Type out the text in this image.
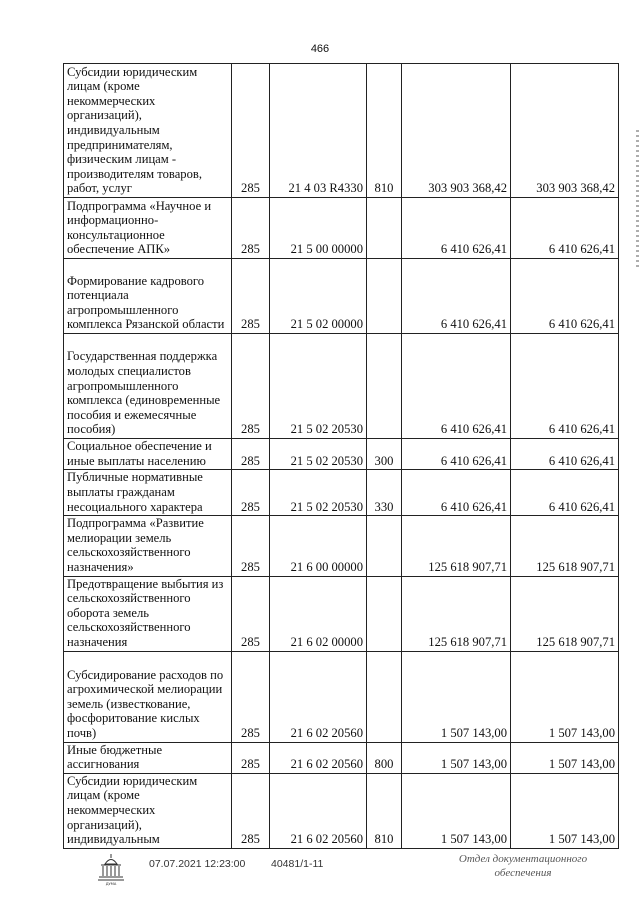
466
Субсидии юридическим лицам (кроме некоммерческих организаций), индивидуальным предпринимателям, физическим лицам - производителям товаров, работ, услуг	285	21 4 03 R4330	810	303 903 368,42	303 903 368,42
Подпрограмма «Научное и информационно-консультационное обеспечение АПК»	285	21 5 00 00000		6 410 626,41	6 410 626,41
Формирование кадрового потенциала агропромышленного комплекса Рязанской области	285	21 5 02 00000		6 410 626,41	6 410 626,41
Государственная поддержка молодых специалистов агропромышленного комплекса (единовременные пособия и ежемесячные пособия)	285	21 5 02 20530		6 410 626,41	6 410 626,41
Социальное обеспечение и иные выплаты населению	285	21 5 02 20530	300	6 410 626,41	6 410 626,41
Публичные нормативные выплаты гражданам несоциального характера	285	21 5 02 20530	330	6 410 626,41	6 410 626,41
Подпрограмма «Развитие мелиорации земель сельскохозяйственного назначения»	285	21 6 00 00000		125 618 907,71	125 618 907,71
Предотвращение выбытия из сельскохозяйственного оборота земель сельскохозяйственного назначения	285	21 6 02 00000		125 618 907,71	125 618 907,71
Субсидирование расходов по агрохимической мелиорации земель (известкование, фосфоритование кислых почв)	285	21 6 02 20560		1 507 143,00	1 507 143,00
Иные бюджетные ассигнования	285	21 6 02 20560	800	1 507 143,00	1 507 143,00
Субсидии юридическим лицам (кроме некоммерческих организаций), индивидуальным	285	21 6 02 20560	810	1 507 143,00	1 507 143,00
ДУМА
07.07.2021 12:23:00 40481/1-11	Отдел документационного
обеспечения
